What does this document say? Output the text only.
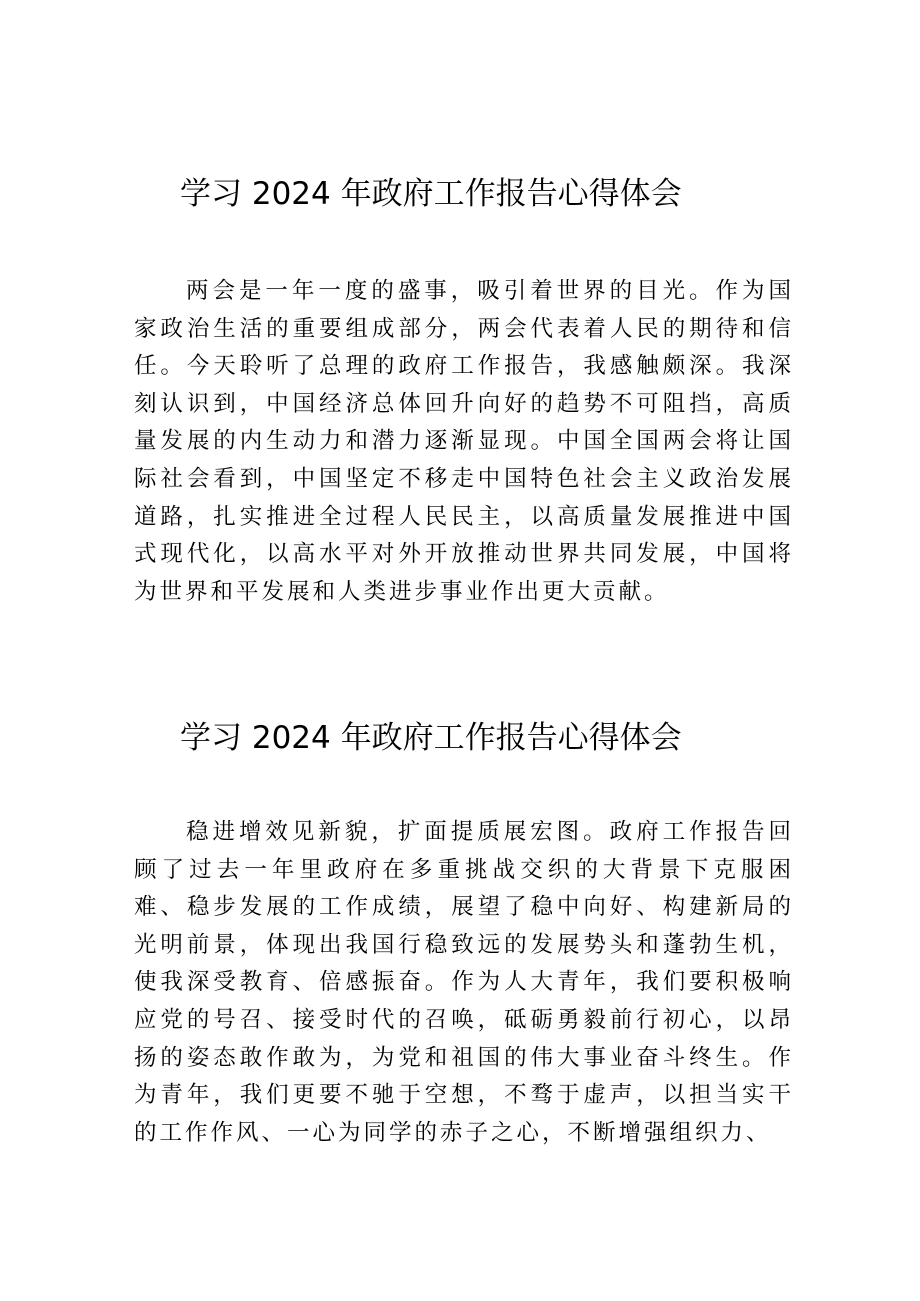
学习 2024 年政府工作报告心得体会
两会是一年一度的盛事，吸引着世界的目光。作为国家政治生活的重要组成部分，两会代表着人民的期待和信任。今天聆听了总理的政府工作报告，我感触颇深。我深刻认识到，中国经济总体回升向好的趋势不可阻挡，高质量发展的内生动力和潜力逐渐显现。中国全国两会将让国际社会看到，中国坚定不移走中国特色社会主义政治发展道路，扎实推进全过程人民民主，以高质量发展推进中国式现代化，以高水平对外开放推动世界共同发展，中国将为世界和平发展和人类进步事业作出更大贡献。
学习 2024 年政府工作报告心得体会
稳进增效见新貌，扩面提质展宏图。政府工作报告回顾了过去一年里政府在多重挑战交织的大背景下克服困难、稳步发展的工作成绩，展望了稳中向好、构建新局的光明前景，体现出我国行稳致远的发展势头和蓬勃生机，使我深受教育、倍感振奋。作为人大青年，我们要积极响应党的号召、接受时代的召唤，砥砺勇毅前行初心，以昂扬的姿态敢作敢为，为党和祖国的伟大事业奋斗终生。作为青年，我们更要不驰于空想，不骛于虚声，以担当实干的工作作风、一心为同学的赤子之心，不断增强组织力、
